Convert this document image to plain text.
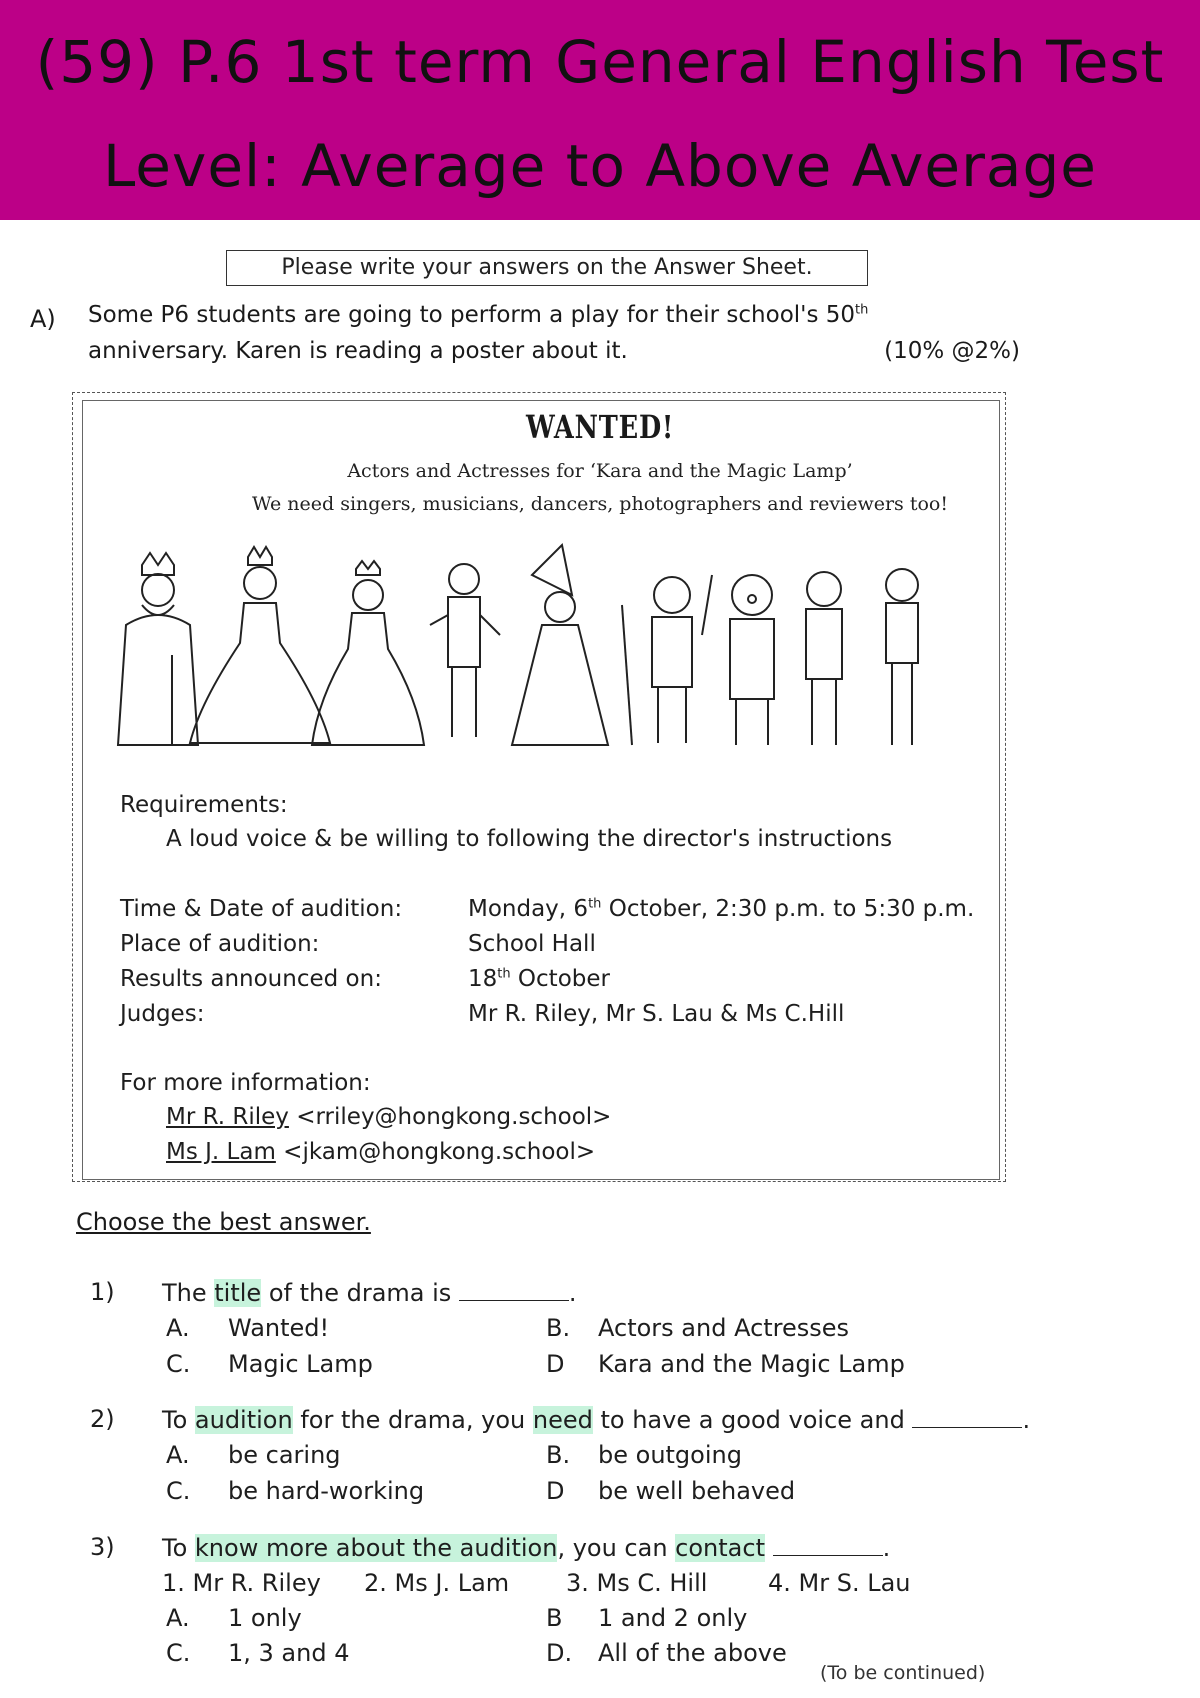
(59) P.6 1st term General English Test
Level: Average to Above Average
Please write your answers on the Answer Sheet.
A) Some P6 students are going to perform a play for their school's 50th
anniversary. Karen is reading a poster about it.	(10% @2%)
WANTED!
Actors and Actresses for ‘Kara and the Magic Lamp’
We need singers, musicians, dancers, photographers and reviewers too!
Requirements:
A loud voice & be willing to following the director's instructions
Time & Date of audition:	Monday, 6th October, 2:30 p.m. to 5:30 p.m.
Place of audition:	School Hall
Results announced on:	18th October
Judges:	Mr R. Riley, Mr S. Lau & Ms C.Hill
For more information:
Mr R. Riley <rriley@hongkong.school>
Ms J. Lam <jkam@hongkong.school>
Choose the best answer.
1) The title of the drama is	.
A. Wanted!	B. Actors and Actresses
C. Magic Lamp	D Kara and the Magic Lamp
2) To audition for the drama, you need to have a good voice and	.
A. be caring	B. be outgoing
C. be hard-working	D be well behaved
3) To know more about the audition, you can contact	.
1. Mr R. Riley 2. Ms J. Lam 3. Ms C. Hill	4. Mr S. Lau
A. 1 only	B 1 and 2 only
C. 1, 3 and 4	D. All of the above
(To be continued)
